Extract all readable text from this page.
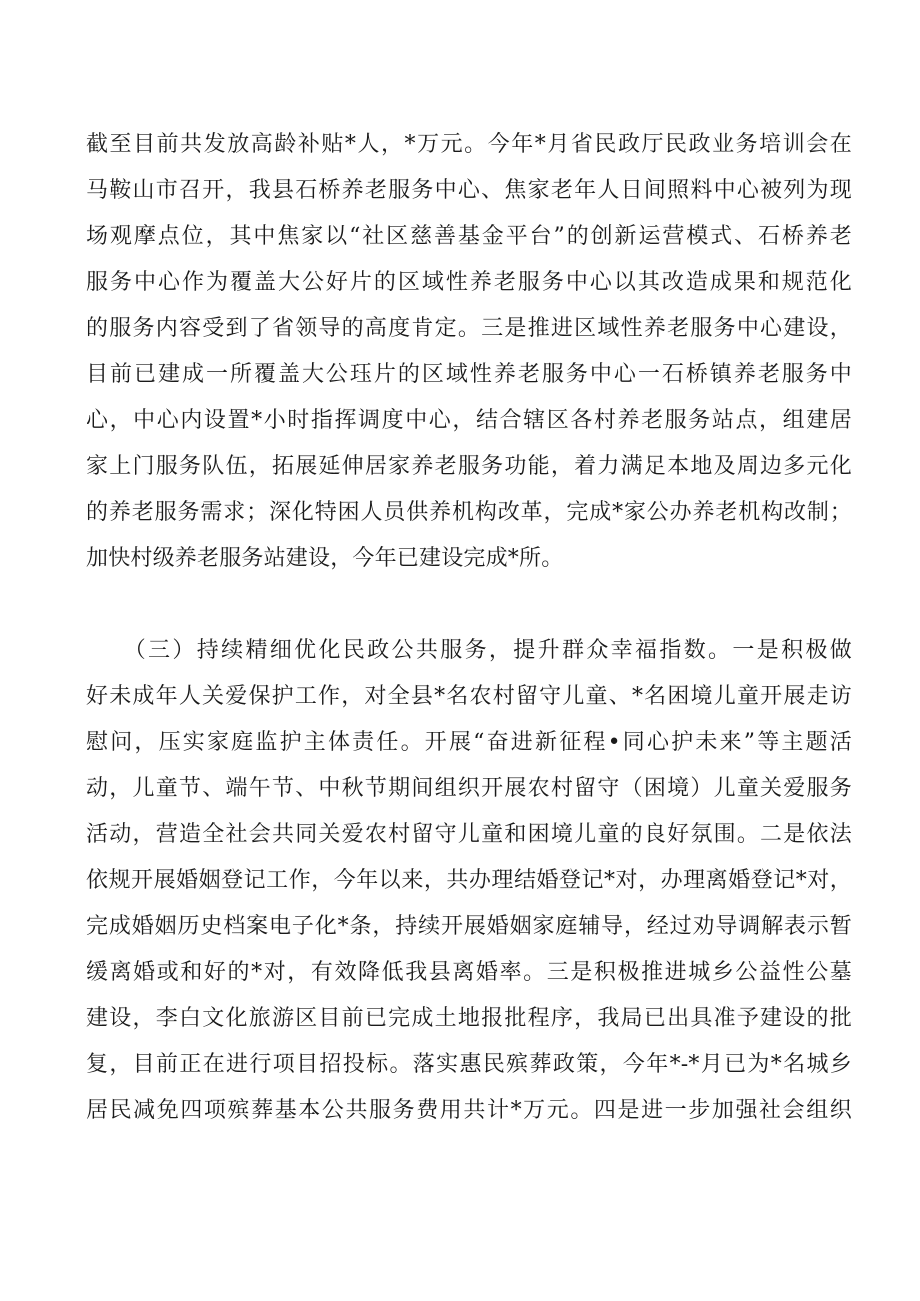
截至目前共发放高龄补贴*人，*万元。今年*月省民政厅民政业务培训会在
马鞍山市召开，我县石桥养老服务中心、焦家老年人日间照料中心被列为现
场观摩点位，其中焦家以“社区慈善基金平台”的创新运营模式、石桥养老
服务中心作为覆盖大公好片的区域性养老服务中心以其改造成果和规范化
的服务内容受到了省领导的高度肯定。三是推进区域性养老服务中心建设，
目前已建成一所覆盖大公珏片的区域性养老服务中心一石桥镇养老服务中
心，中心内设置*小时指挥调度中心，结合辖区各村养老服务站点，组建居
家上门服务队伍，拓展延伸居家养老服务功能，着力满足本地及周边多元化
的养老服务需求；深化特困人员供养机构改革，完成*家公办养老机构改制；
加快村级养老服务站建设，今年已建设完成*所。
　　（三）持续精细优化民政公共服务，提升群众幸福指数。一是积极做
好未成年人关爱保护工作，对全县*名农村留守儿童、*名困境儿童开展走访
慰问，压实家庭监护主体责任。开展“奋进新征程•同心护未来”等主题活
动，儿童节、端午节、中秋节期间组织开展农村留守（困境）儿童关爱服务
活动，营造全社会共同关爱农村留守儿童和困境儿童的良好氛围。二是依法
依规开展婚姻登记工作，今年以来，共办理结婚登记*对，办理离婚登记*对，
完成婚姻历史档案电子化*条，持续开展婚姻家庭辅导，经过劝导调解表示暂
缓离婚或和好的*对，有效降低我县离婚率。三是积极推进城乡公益性公墓
建设，李白文化旅游区目前已完成土地报批程序，我局已出具准予建设的批
复，目前正在进行项目招投标。落实惠民殡葬政策，今年*-*月已为*名城乡
居民减免四项殡葬基本公共服务费用共计*万元。四是进一步加强社会组织
